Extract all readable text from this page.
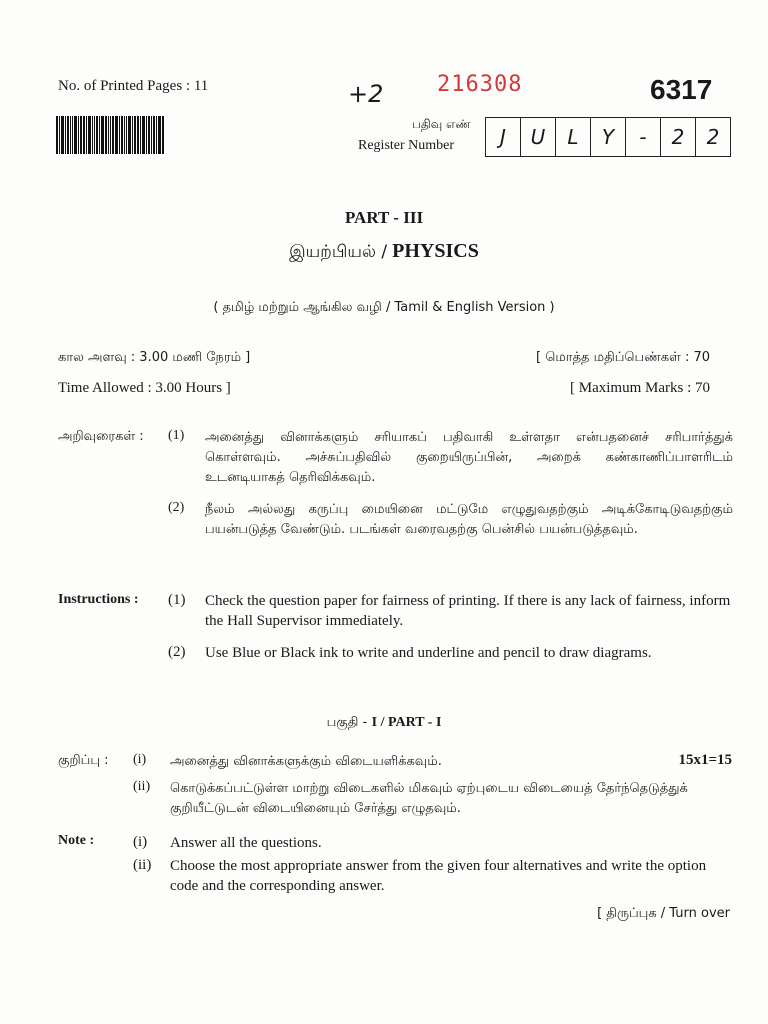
No. of Printed Pages : 11	+2 216308	6317
பதிவு எண்
Register Number	J	U	L	Y	-	2	2
PART - III
இயற்பியல் / PHYSICS
( தமிழ் மற்றும் ஆங்கில வழி / Tamil & English Version )
கால அளவு : 3.00 மணி நேரம் ]	[ மொத்த மதிப்பெண்கள் : 70
Time Allowed : 3.00 Hours ]	[ Maximum Marks : 70
அறிவுரைகள் : (1) அனைத்து வினாக்களும் சரியாகப் பதிவாகி உள்ளதா என்பதனைச் சரிபார்த்துக் கொள்ளவும். அச்சுப்பதிவில் குறையிருப்பின், அறைக் கண்காணிப்பாளரிடம் உடனடியாகத் தெரிவிக்கவும்.
(2) நீலம் அல்லது கருப்பு மையினை மட்டுமே எழுதுவதற்கும் அடிக்கோடிடுவதற்கும் பயன்படுத்த வேண்டும். படங்கள் வரைவதற்கு பென்சில் பயன்படுத்தவும்.
Instructions : (1) Check the question paper for fairness of printing. If there is any lack of fairness, inform the Hall Supervisor immediately.
(2) Use Blue or Black ink to write and underline and pencil to draw diagrams.
பகுதி - I / PART - I
குறிப்பு : (i) அனைத்து வினாக்களுக்கும் விடையளிக்கவும்.	15x1=15
(ii) கொடுக்கப்பட்டுள்ள மாற்று விடைகளில் மிகவும் ஏற்புடைய விடையைத் தேர்ந்தெடுத்துக் குறியீட்டுடன் விடையினையும் சேர்த்து எழுதவும்.
Note :	(i) Answer all the questions.
(ii) Choose the most appropriate answer from the given four alternatives and write the option code and the corresponding answer.
[ திருப்புக / Turn over
